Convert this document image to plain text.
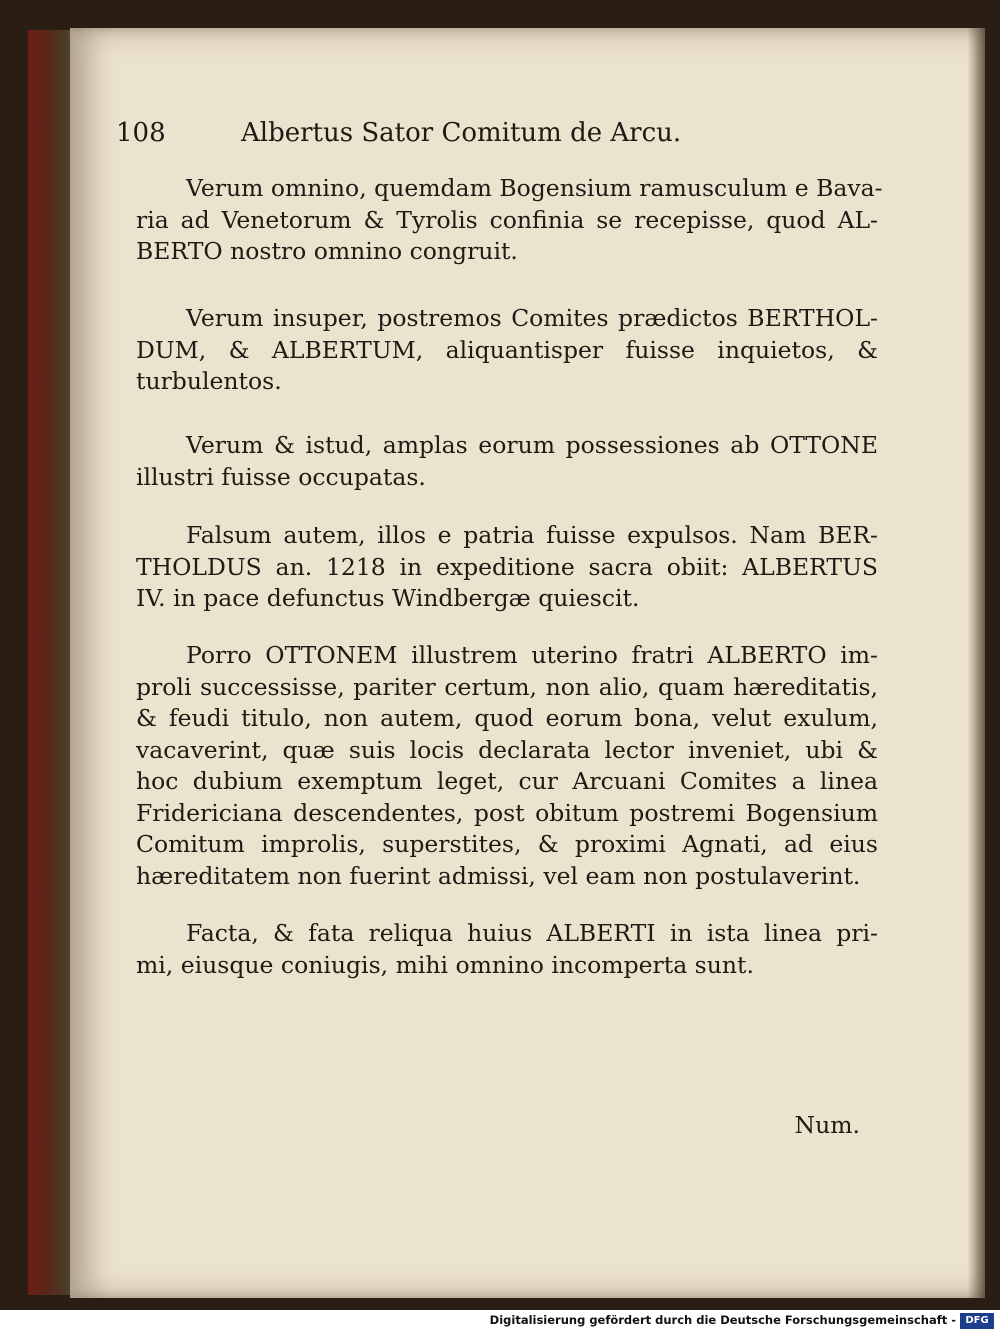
108	Albertus Sator Comitum de Arcu.
Verum omnino, quemdam Bogensium ramusculum e Bava-
ria ad Venetorum & Tyrolis confinia se recepisse, quod AL-
BERTO nostro omnino congruit.
Verum insuper, postremos Comites prædictos BERTHOL-
DUM, & ALBERTUM, aliquantisper fuisse inquietos, &
turbulentos.
Verum & istud, amplas eorum possessiones ab OTTONE
illustri fuisse occupatas.
Falsum autem, illos e patria fuisse expulsos. Nam BER-
THOLDUS an. 1218 in expeditione sacra obiit: ALBERTUS
IV. in pace defunctus Windbergæ quiescit.
Porro OTTONEM illustrem uterino fratri ALBERTO im-
proli successisse, pariter certum, non alio, quam hæreditatis,
& feudi titulo, non autem, quod eorum bona, velut exulum,
vacaverint, quæ suis locis declarata lector inveniet, ubi &
hoc dubium exemptum leget, cur Arcuani Comites a linea
Fridericiana descendentes, post obitum postremi Bogensium
Comitum improlis, superstites, & proximi Agnati, ad eius
hæreditatem non fuerint admissi, vel eam non postulaverint.
Facta, & fata reliqua huius ALBERTI in ista linea pri-
mi, eiusque coniugis, mihi omnino incomperta sunt.
Num.
Digitalisierung gefördert durch die Deutsche Forschungsgemeinschaft - DFG
